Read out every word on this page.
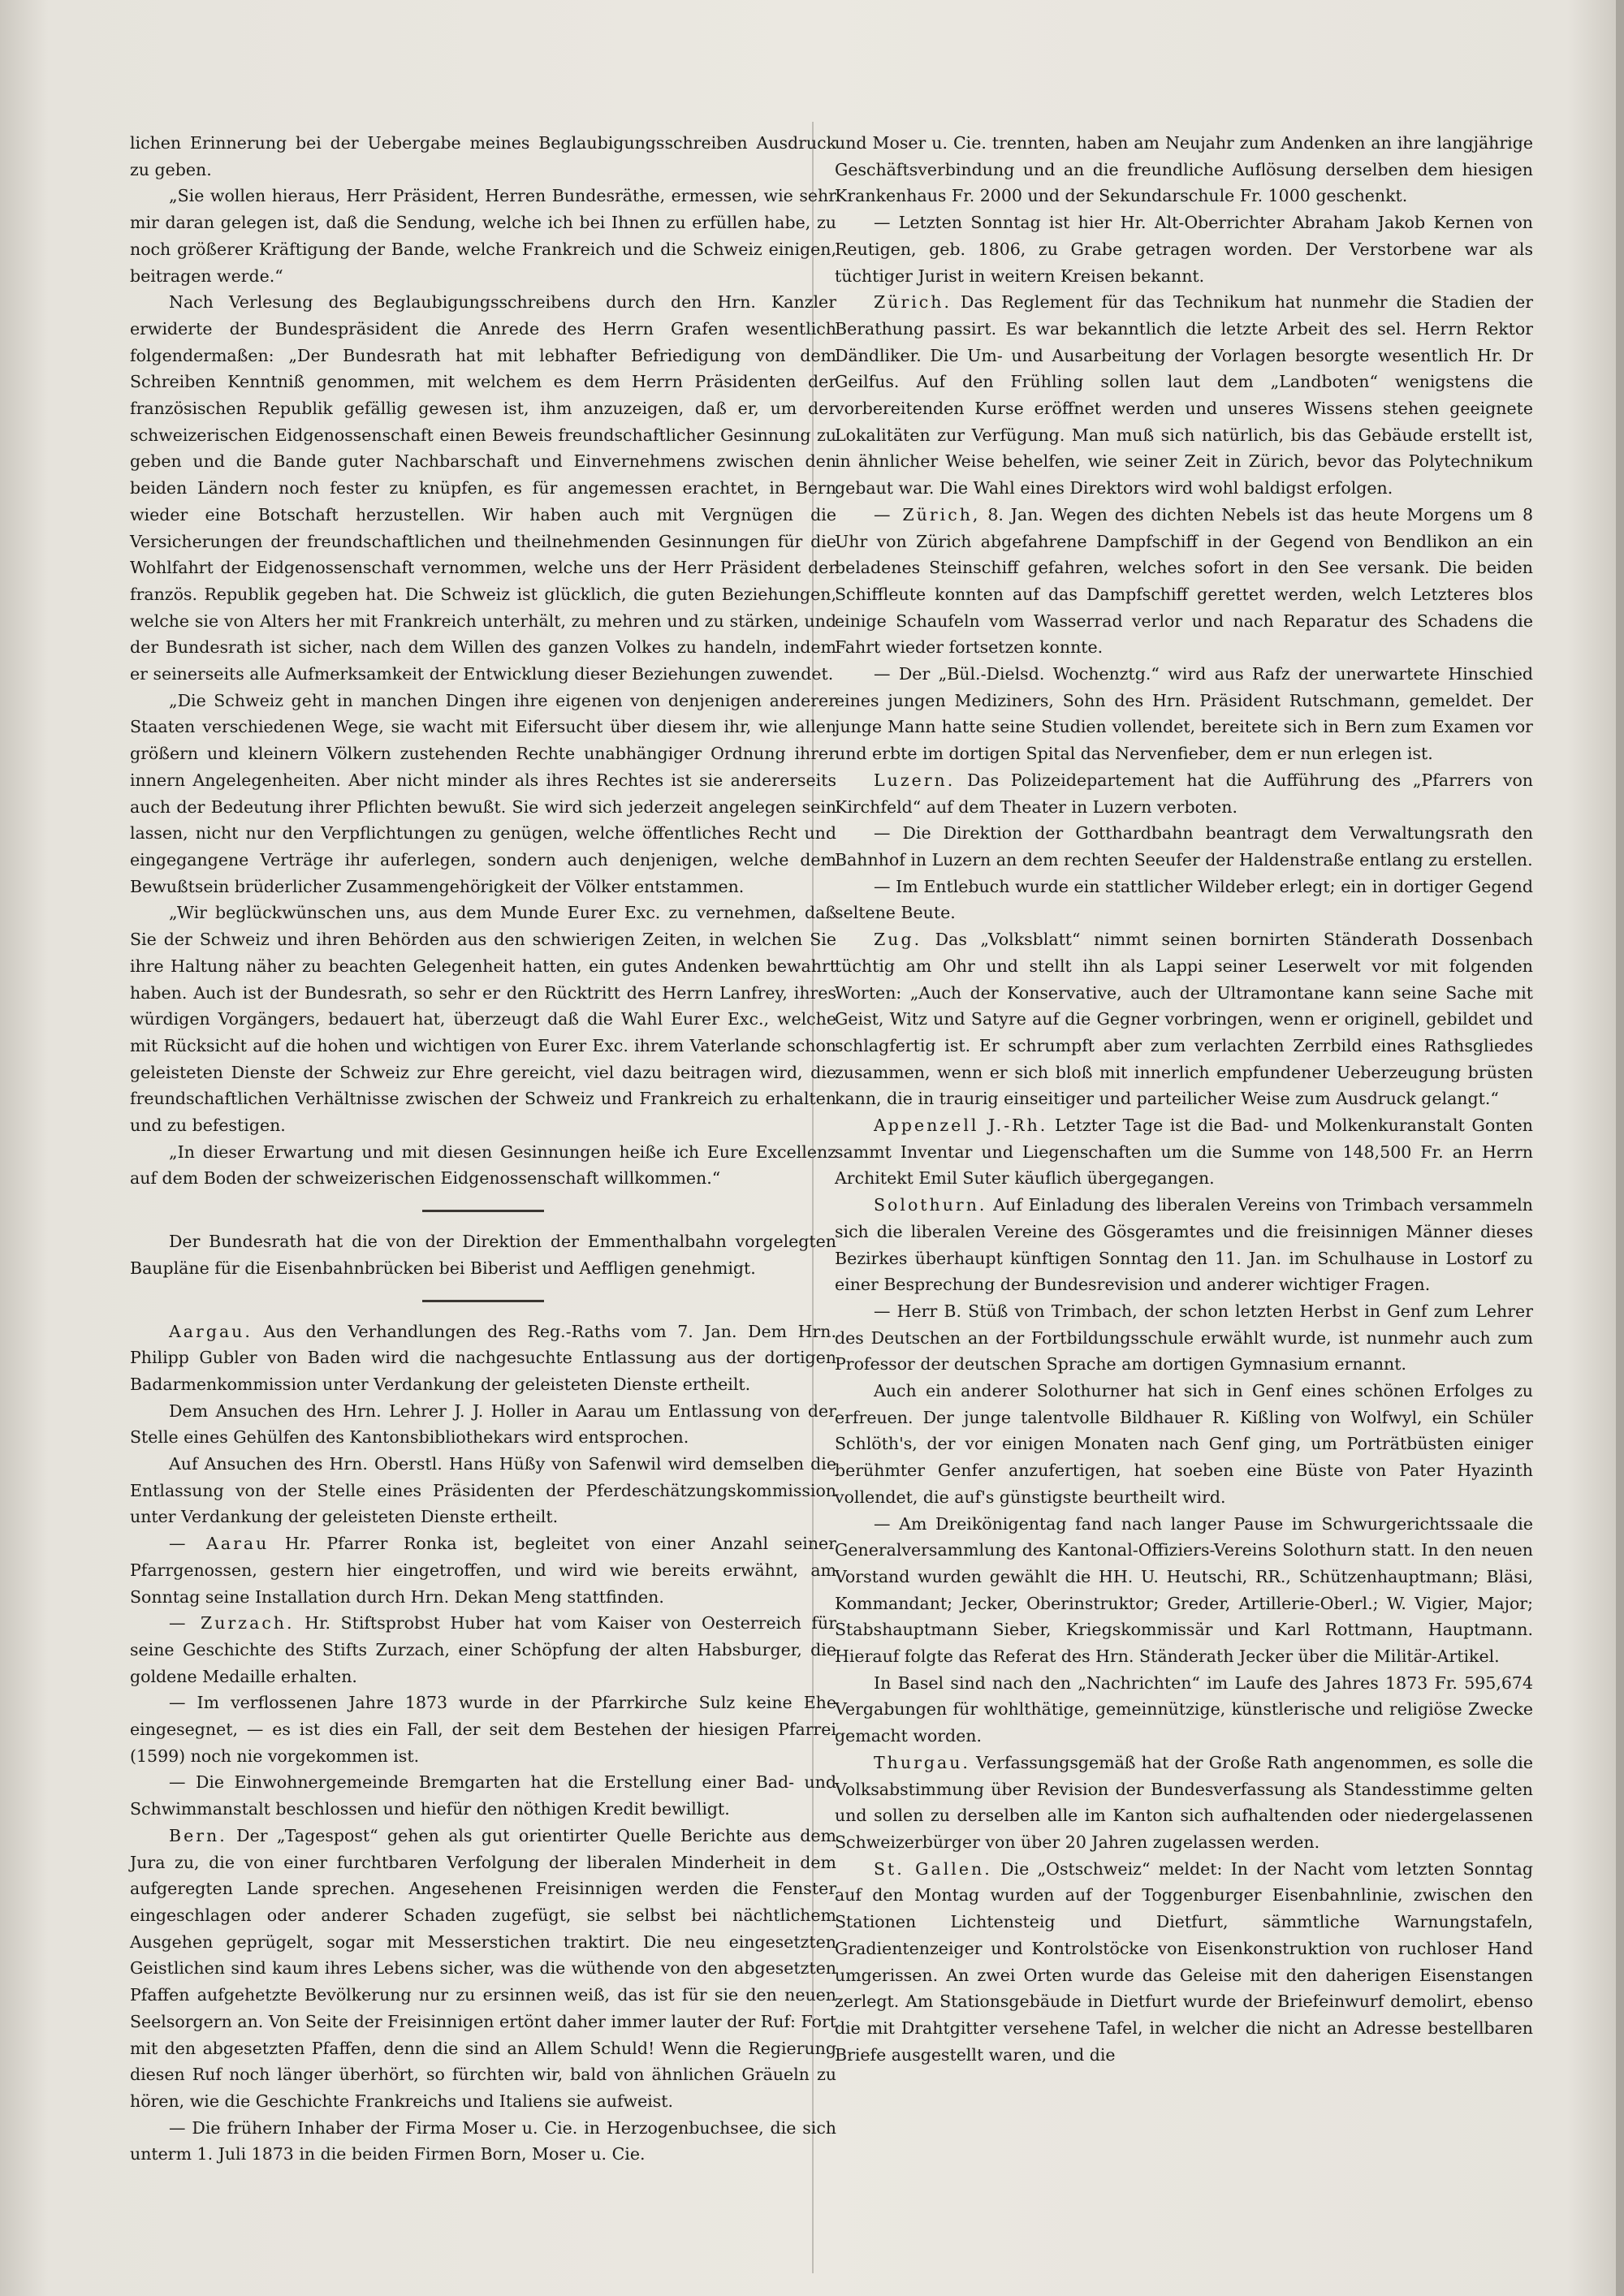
lichen Erinnerung bei der Uebergabe meines Beglaubigungsschreiben Ausdruck zu geben.

„Sie wollen hieraus, Herr Präsident, Herren Bundesräthe, ermessen, wie sehr mir daran gelegen ist, daß die Sendung, welche ich bei Ihnen zu erfüllen habe, zu noch größerer Kräftigung der Bande, welche Frankreich und die Schweiz einigen, beitragen werde.“

Nach Verlesung des Beglaubigungsschreibens durch den Hrn. Kanzler erwiderte der Bundespräsident die Anrede des Herrn Grafen wesentlich folgendermaßen: „Der Bundesrath hat mit lebhafter Befriedigung von dem Schreiben Kenntniß genommen, mit welchem es dem Herrn Präsidenten der französischen Republik gefällig gewesen ist, ihm anzuzeigen, daß er, um der schweizerischen Eidgenossenschaft einen Beweis freundschaftlicher Gesinnung zu geben und die Bande guter Nachbarschaft und Einvernehmens zwischen den beiden Ländern noch fester zu knüpfen, es für angemessen erachtet, in Bern wieder eine Botschaft herzustellen. Wir haben auch mit Vergnügen die Versicherungen der freundschaftlichen und theilnehmenden Gesinnungen für die Wohlfahrt der Eidgenossenschaft vernommen, welche uns der Herr Präsident der französ. Republik gegeben hat. Die Schweiz ist glücklich, die guten Beziehungen, welche sie von Alters her mit Frankreich unterhält, zu mehren und zu stärken, und der Bundesrath ist sicher, nach dem Willen des ganzen Volkes zu handeln, indem er seinerseits alle Aufmerksamkeit der Entwicklung dieser Beziehungen zuwendet.

„Die Schweiz geht in manchen Dingen ihre eigenen von denjenigen anderer Staaten verschiedenen Wege, sie wacht mit Eifersucht über diesem ihr, wie allen größern und kleinern Völkern zustehenden Rechte unabhängiger Ordnung ihrer innern Angelegenheiten. Aber nicht minder als ihres Rechtes ist sie andererseits auch der Bedeutung ihrer Pflichten bewußt. Sie wird sich jederzeit angelegen sein lassen, nicht nur den Verpflichtungen zu genügen, welche öffentliches Recht und eingegangene Verträge ihr auferlegen, sondern auch denjenigen, welche dem Bewußtsein brüderlicher Zusammengehörigkeit der Völker entstammen.

„Wir beglückwünschen uns, aus dem Munde Eurer Exc. zu vernehmen, daß Sie der Schweiz und ihren Behörden aus den schwierigen Zeiten, in welchen Sie ihre Haltung näher zu beachten Gelegenheit hatten, ein gutes Andenken bewahrt haben. Auch ist der Bundesrath, so sehr er den Rücktritt des Herrn Lanfrey, ihres würdigen Vorgängers, bedauert hat, überzeugt daß die Wahl Eurer Exc., welche mit Rücksicht auf die hohen und wichtigen von Eurer Exc. ihrem Vaterlande schon geleisteten Dienste der Schweiz zur Ehre gereicht, viel dazu beitragen wird, die freundschaftlichen Verhältnisse zwischen der Schweiz und Frankreich zu erhalten und zu befestigen.

„In dieser Erwartung und mit diesen Gesinnungen heiße ich Eure Excellenz auf dem Boden der schweizerischen Eidgenossenschaft willkommen.“

Der Bundesrath hat die von der Direktion der Emmenthalbahn vorgelegten Baupläne für die Eisenbahnbrücken bei Biberist und Aeffligen genehmigt.

Aargau. Aus den Verhandlungen des Reg.-Raths vom 7. Jan. Dem Hrn. Philipp Gubler von Baden wird die nachgesuchte Entlassung aus der dortigen Badarmenkommission unter Verdankung der geleisteten Dienste ertheilt.

Dem Ansuchen des Hrn. Lehrer J. J. Holler in Aarau um Entlassung von der Stelle eines Gehülfen des Kantonsbibliothekars wird entsprochen.

Auf Ansuchen des Hrn. Oberstl. Hans Hüßy von Safenwil wird demselben die Entlassung von der Stelle eines Präsidenten der Pferdeschätzungskommission unter Verdankung der geleisteten Dienste ertheilt.

— Aarau Hr. Pfarrer Ronka ist, begleitet von einer Anzahl seiner Pfarrgenossen, gestern hier eingetroffen, und wird wie bereits erwähnt, am Sonntag seine Installation durch Hrn. Dekan Meng stattfinden.

— Zurzach. Hr. Stiftsprobst Huber hat vom Kaiser von Oesterreich für seine Geschichte des Stifts Zurzach, einer Schöpfung der alten Habsburger, die goldene Medaille erhalten.

— Im verflossenen Jahre 1873 wurde in der Pfarrkirche Sulz keine Ehe eingesegnet, — es ist dies ein Fall, der seit dem Bestehen der hiesigen Pfarrei (1599) noch nie vorgekommen ist.

— Die Einwohnergemeinde Bremgarten hat die Erstellung einer Bad- und Schwimmanstalt beschlossen und hiefür den nöthigen Kredit bewilligt.

Bern. Der „Tagespost“ gehen als gut orientirter Quelle Berichte aus dem Jura zu, die von einer furchtbaren Verfolgung der liberalen Minderheit in dem aufgeregten Lande sprechen. Angesehenen Freisinnigen werden die Fenster eingeschlagen oder anderer Schaden zugefügt, sie selbst bei nächtlichem Ausgehen geprügelt, sogar mit Messerstichen traktirt. Die neu eingesetzten Geistlichen sind kaum ihres Lebens sicher, was die wüthende von den abgesetzten Pfaffen aufgehetzte Bevölkerung nur zu ersinnen weiß, das ist für sie den neuen Seelsorgern an. Von Seite der Freisinnigen ertönt daher immer lauter der Ruf: Fort mit den abgesetzten Pfaffen, denn die sind an Allem Schuld! Wenn die Regierung diesen Ruf noch länger überhört, so fürchten wir, bald von ähnlichen Gräueln zu hören, wie die Geschichte Frankreichs und Italiens sie aufweist.

— Die frühern Inhaber der Firma Moser u. Cie. in Herzogenbuchsee, die sich unterm 1. Juli 1873 in die beiden Firmen Born, Moser u. Cie.

und Moser u. Cie. trennten, haben am Neujahr zum Andenken an ihre langjährige Geschäftsverbindung und an die freundliche Auflösung derselben dem hiesigen Krankenhaus Fr. 2000 und der Sekundarschule Fr. 1000 geschenkt.

— Letzten Sonntag ist hier Hr. Alt-Oberrichter Abraham Jakob Kernen von Reutigen, geb. 1806, zu Grabe getragen worden. Der Verstorbene war als tüchtiger Jurist in weitern Kreisen bekannt.

Zürich. Das Reglement für das Technikum hat nunmehr die Stadien der Berathung passirt. Es war bekanntlich die letzte Arbeit des sel. Herrn Rektor Dändliker. Die Um- und Ausarbeitung der Vorlagen besorgte wesentlich Hr. Dr Geilfus. Auf den Frühling sollen laut dem „Landboten“ wenigstens die vorbereitenden Kurse eröffnet werden und unseres Wissens stehen geeignete Lokalitäten zur Verfügung. Man muß sich natürlich, bis das Gebäude erstellt ist, in ähnlicher Weise behelfen, wie seiner Zeit in Zürich, bevor das Polytechnikum gebaut war. Die Wahl eines Direktors wird wohl baldigst erfolgen.

— Zürich, 8. Jan. Wegen des dichten Nebels ist das heute Morgens um 8 Uhr von Zürich abgefahrene Dampfschiff in der Gegend von Bendlikon an ein beladenes Steinschiff gefahren, welches sofort in den See versank. Die beiden Schiffleute konnten auf das Dampfschiff gerettet werden, welch Letzteres blos einige Schaufeln vom Wasserrad verlor und nach Reparatur des Schadens die Fahrt wieder fortsetzen konnte.

— Der „Bül.-Dielsd. Wochenztg.“ wird aus Rafz der unerwartete Hinschied eines jungen Mediziners, Sohn des Hrn. Präsident Rutschmann, gemeldet. Der junge Mann hatte seine Studien vollendet, bereitete sich in Bern zum Examen vor und erbte im dortigen Spital das Nervenfieber, dem er nun erlegen ist.

Luzern. Das Polizeidepartement hat die Aufführung des „Pfarrers von Kirchfeld“ auf dem Theater in Luzern verboten.

— Die Direktion der Gotthardbahn beantragt dem Verwaltungsrath den Bahnhof in Luzern an dem rechten Seeufer der Haldenstraße entlang zu erstellen.

— Im Entlebuch wurde ein stattlicher Wildeber erlegt; ein in dortiger Gegend seltene Beute.

Zug. Das „Volksblatt“ nimmt seinen bornirten Ständerath Dossenbach tüchtig am Ohr und stellt ihn als Lappi seiner Leserwelt vor mit folgenden Worten: „Auch der Konservative, auch der Ultramontane kann seine Sache mit Geist, Witz und Satyre auf die Gegner vorbringen, wenn er originell, gebildet und schlagfertig ist. Er schrumpft aber zum verlachten Zerrbild eines Rathsgliedes zusammen, wenn er sich bloß mit innerlich empfundener Ueberzeugung brüsten kann, die in traurig einseitiger und parteilicher Weise zum Ausdruck gelangt.“

Appenzell J.-Rh. Letzter Tage ist die Bad- und Molkenkuranstalt Gonten sammt Inventar und Liegenschaften um die Summe von 148,500 Fr. an Herrn Architekt Emil Suter käuflich übergegangen.

Solothurn. Auf Einladung des liberalen Vereins von Trimbach versammeln sich die liberalen Vereine des Gösgeramtes und die freisinnigen Männer dieses Bezirkes überhaupt künftigen Sonntag den 11. Jan. im Schulhause in Lostorf zu einer Besprechung der Bundesrevision und anderer wichtiger Fragen.

— Herr B. Stüß von Trimbach, der schon letzten Herbst in Genf zum Lehrer des Deutschen an der Fortbildungsschule erwählt wurde, ist nunmehr auch zum Professor der deutschen Sprache am dortigen Gymnasium ernannt.

Auch ein anderer Solothurner hat sich in Genf eines schönen Erfolges zu erfreuen. Der junge talentvolle Bildhauer R. Kißling von Wolfwyl, ein Schüler Schlöth's, der vor einigen Monaten nach Genf ging, um Porträtbüsten einiger berühmter Genfer anzufertigen, hat soeben eine Büste von Pater Hyazinth vollendet, die auf's günstigste beurtheilt wird.

— Am Dreikönigentag fand nach langer Pause im Schwurgerichtssaale die Generalversammlung des Kantonal-Offiziers-Vereins Solothurn statt. In den neuen Vorstand wurden gewählt die HH. U. Heutschi, RR., Schützenhauptmann; Bläsi, Kommandant; Jecker, Oberinstruktor; Greder, Artillerie-Oberl.; W. Vigier, Major; Stabshauptmann Sieber, Kriegskommissär und Karl Rottmann, Hauptmann. Hierauf folgte das Referat des Hrn. Ständerath Jecker über die Militär-Artikel.

In Basel sind nach den „Nachrichten“ im Laufe des Jahres 1873 Fr. 595,674 Vergabungen für wohlthätige, gemeinnützige, künstlerische und religiöse Zwecke gemacht worden.

Thurgau. Verfassungsgemäß hat der Große Rath angenommen, es solle die Volksabstimmung über Revision der Bundesverfassung als Standesstimme gelten und sollen zu derselben alle im Kanton sich aufhaltenden oder niedergelassenen Schweizerbürger von über 20 Jahren zugelassen werden.

St. Gallen. Die „Ostschweiz“ meldet: In der Nacht vom letzten Sonntag auf den Montag wurden auf der Toggenburger Eisenbahnlinie, zwischen den Stationen Lichtensteig und Dietfurt, sämmtliche Warnungstafeln, Gradientenzeiger und Kontrolstöcke von Eisenkonstruktion von ruchloser Hand umgerissen. An zwei Orten wurde das Geleise mit den daherigen Eisenstangen zerlegt. Am Stationsgebäude in Dietfurt wurde der Briefeinwurf demolirt, ebenso die mit Drahtgitter versehene Tafel, in welcher die nicht an Adresse bestellbaren Briefe ausgestellt waren, und die
